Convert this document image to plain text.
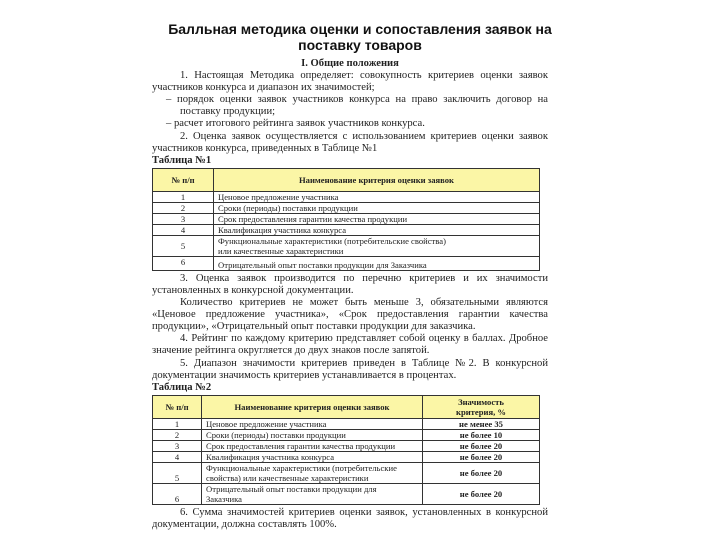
Балльная методика оценки и сопоставления заявок на поставку товаров
I. Общие положения
1. Настоящая Методика определяет: совокупность критериев оценки заявок участников конкурса и диапазон их значимостей;
– порядок оценки заявок участников конкурса на право заключить договор на поставку продукции;
– расчет итогового рейтинга заявок участников конкурса.
2. Оценка заявок осуществляется с использованием критериев оценки заявок участников конкурса, приведенных в Таблице №1
Таблица №1
№ п/п	Наименование критерия оценки заявок
1	Ценовое предложение участника
2	Сроки (периоды) поставки продукции
3	Срок предоставления гарантии качества продукции
4	Квалификация участника конкурса
5	Функциональные характеристики (потребительские свойства) или качественные характеристики
6	Отрицательный опыт поставки продукции для Заказчика
3. Оценка заявок производится по перечню критериев и их значимости установленных в конкурсной документации.
Количество критериев не может быть меньше 3, обязательными являются «Ценовое предложение участника», «Срок предоставления гарантии качества продукции», «Отрицательный опыт поставки продукции для заказчика.
4. Рейтинг по каждому критерию представляет собой оценку в баллах. Дробное значение рейтинга округляется до двух знаков после запятой.
5. Диапазон значимости критериев приведен в Таблице №2. В конкурсной документации значимость критериев устанавливается в процентах.
Таблица №2
№ п/п	Наименование критерия оценки заявок	Значимость критерия, %
1	Ценовое предложение участника	не менее 35
2	Сроки (периоды) поставки продукции	не более 10
3	Срок предоставления гарантии качества продукции	не более 20
4	Квалификация участника конкурса	не более 20
5	Функциональные характеристики (потребительские свойства) или качественные характеристики	не более 20
6	Отрицательный опыт поставки продукции для Заказчика	не более 20
6. Сумма значимостей критериев оценки заявок, установленных в конкурсной документации, должна составлять 100%.
